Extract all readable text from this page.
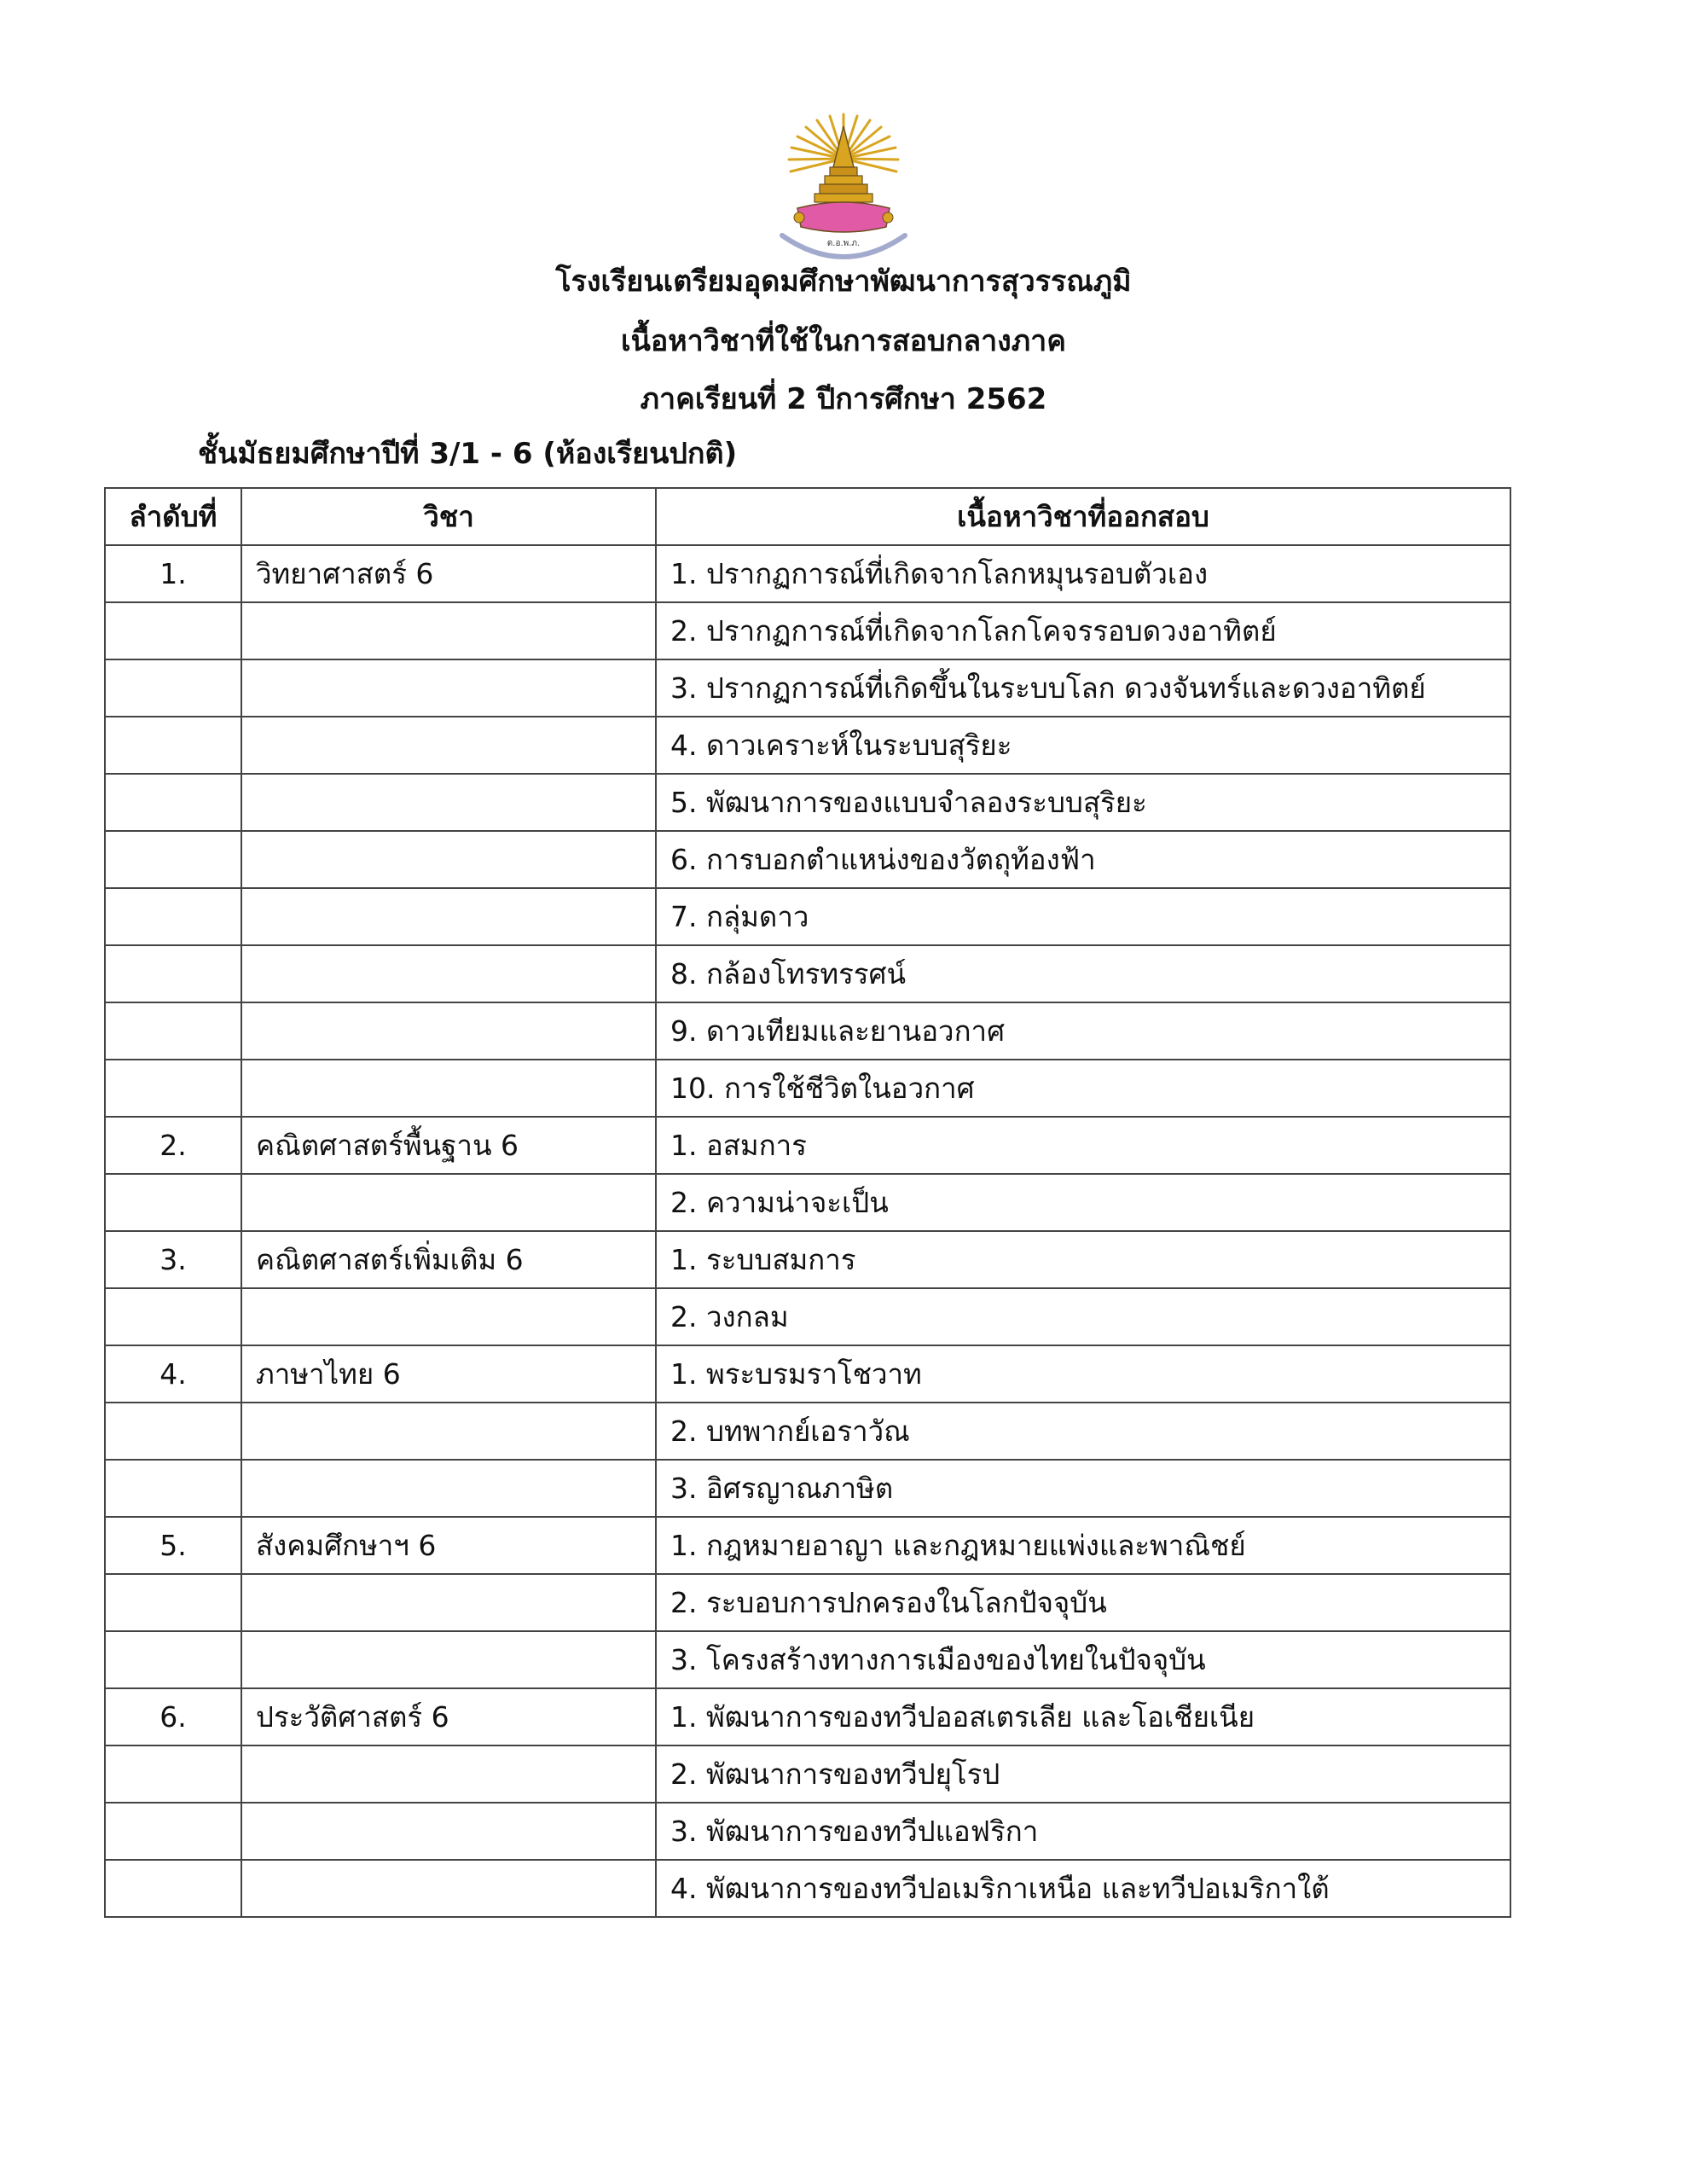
ต.อ.พ.ภ.

โรงเรียนเตรียมอุดมศึกษาพัฒนาการสุวรรณภูมิ

เนื้อหาวิชาที่ใช้ในการสอบกลางภาค

ภาคเรียนที่ 2 ปีการศึกษา 2562

ชั้นมัธยมศึกษาปีที่ 3/1 - 6 (ห้องเรียนปกติ)

ลำดับที่	วิชา	เนื้อหาวิชาที่ออกสอบ
1.	วิทยาศาสตร์ 6	1. ปรากฏการณ์ที่เกิดจากโลกหมุนรอบตัวเอง
		2. ปรากฏการณ์ที่เกิดจากโลกโคจรรอบดวงอาทิตย์
		3. ปรากฏการณ์ที่เกิดขึ้นในระบบโลก ดวงจันทร์และดวงอาทิตย์
		4. ดาวเคราะห์ในระบบสุริยะ
		5. พัฒนาการของแบบจำลองระบบสุริยะ
		6. การบอกตำแหน่งของวัตถุท้องฟ้า
		7. กลุ่มดาว
		8. กล้องโทรทรรศน์
		9. ดาวเทียมและยานอวกาศ
		10. การใช้ชีวิตในอวกาศ
2.	คณิตศาสตร์พื้นฐาน 6	1. อสมการ
		2. ความน่าจะเป็น
3.	คณิตศาสตร์เพิ่มเติม 6	1. ระบบสมการ
		2. วงกลม
4.	ภาษาไทย 6	1. พระบรมราโชวาท
		2. บทพากย์เอราวัณ
		3. อิศรญาณภาษิต
5.	สังคมศึกษาฯ 6	1. กฎหมายอาญา และกฎหมายแพ่งและพาณิชย์
		2. ระบอบการปกครองในโลกปัจจุบัน
		3. โครงสร้างทางการเมืองของไทยในปัจจุบัน
6.	ประวัติศาสตร์ 6	1. พัฒนาการของทวีปออสเตรเลีย และโอเชียเนีย
		2. พัฒนาการของทวีปยุโรป
		3. พัฒนาการของทวีปแอฟริกา
		4. พัฒนาการของทวีปอเมริกาเหนือ และทวีปอเมริกาใต้
